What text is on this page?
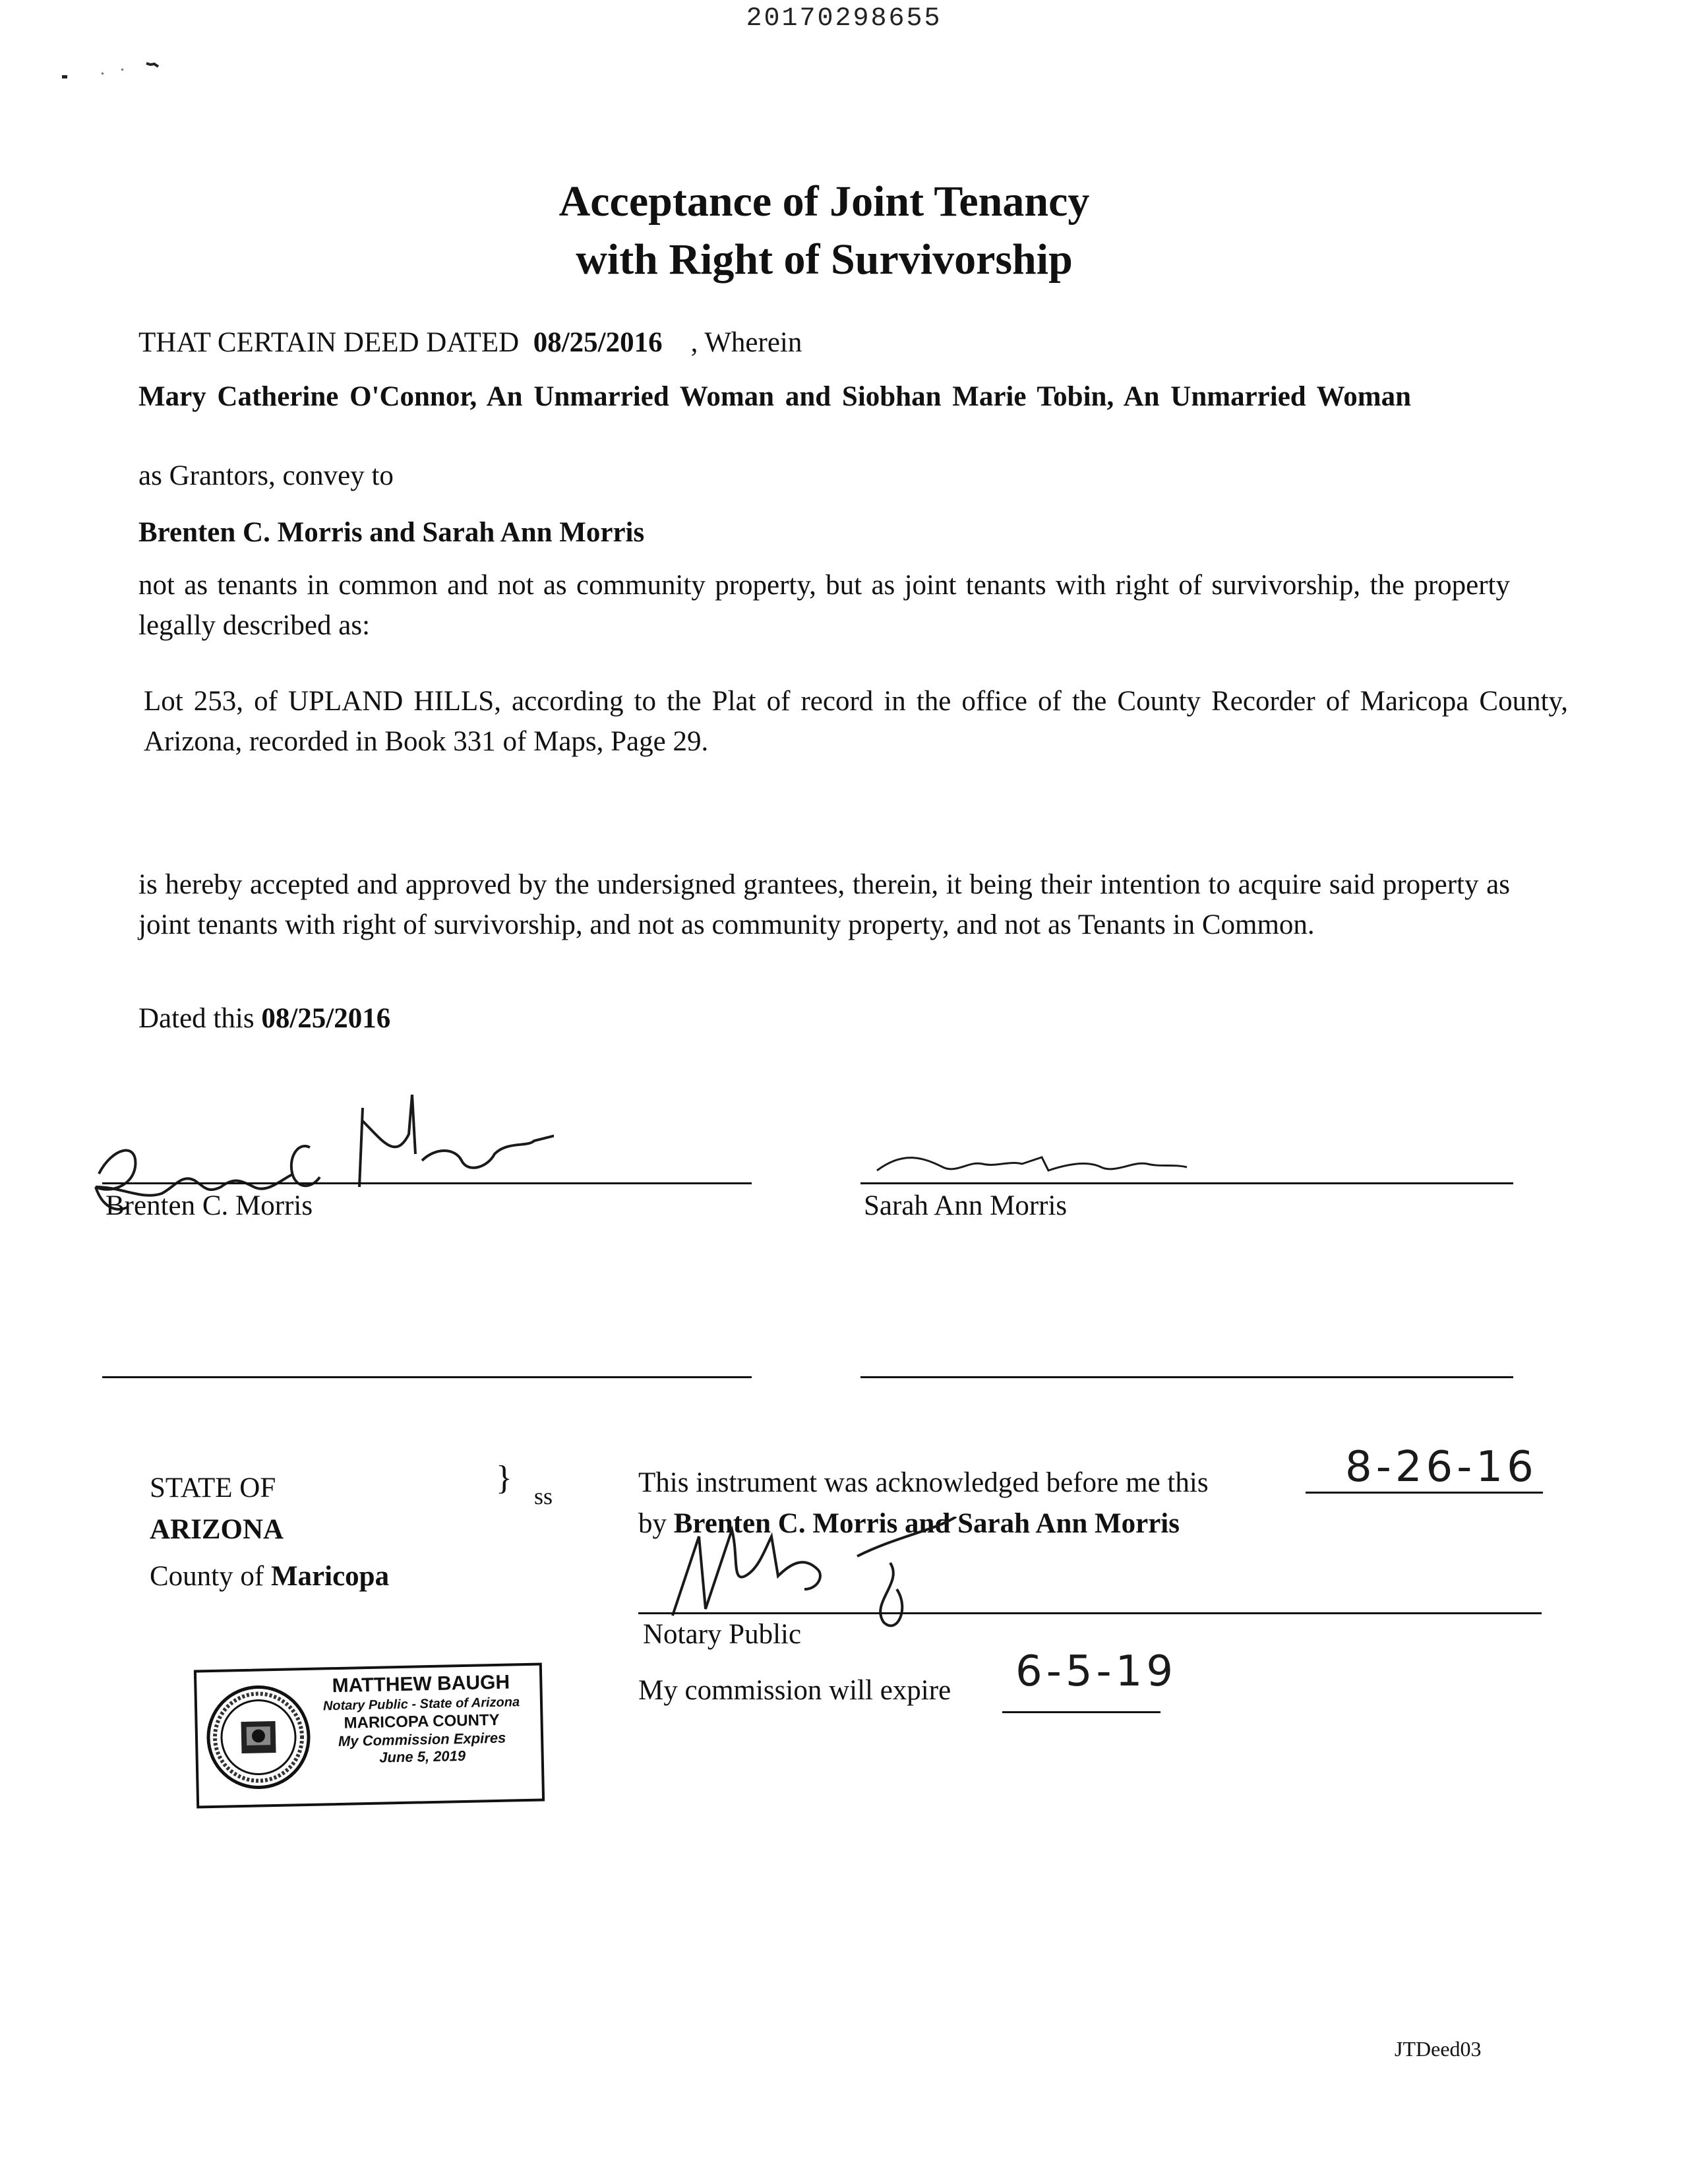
20170298655
Acceptance of Joint Tenancy
with Right of Survivorship
THAT CERTAIN DEED DATED 08/25/2016 , Wherein
Mary Catherine O'Connor, An Unmarried Woman and Siobhan Marie Tobin, An Unmarried Woman
as Grantors, convey to
Brenten C. Morris and Sarah Ann Morris
not as tenants in common and not as community property, but as joint tenants with right of survivorship, the property legally described as:
Lot 253, of UPLAND HILLS, according to the Plat of record in the office of the County Recorder of Maricopa County, Arizona, recorded in Book 331 of Maps, Page 29.
is hereby accepted and approved by the undersigned grantees, therein, it being their intention to acquire said property as joint tenants with right of survivorship, and not as community property, and not as Tenants in Common.
Dated this 08/25/2016
Brenten C. Morris	Sarah Ann Morris
STATE OF
ARIZONA
} ss
County of Maricopa
This instrument was acknowledged before me this	8-26-16
by Brenten C. Morris and Sarah Ann Morris
Notary Public
My commission will expire 6-5-19
MATTHEW BAUGH
Notary Public - State of Arizona
MARICOPA COUNTY
My Commission Expires
June 5, 2019
JTDeed03
